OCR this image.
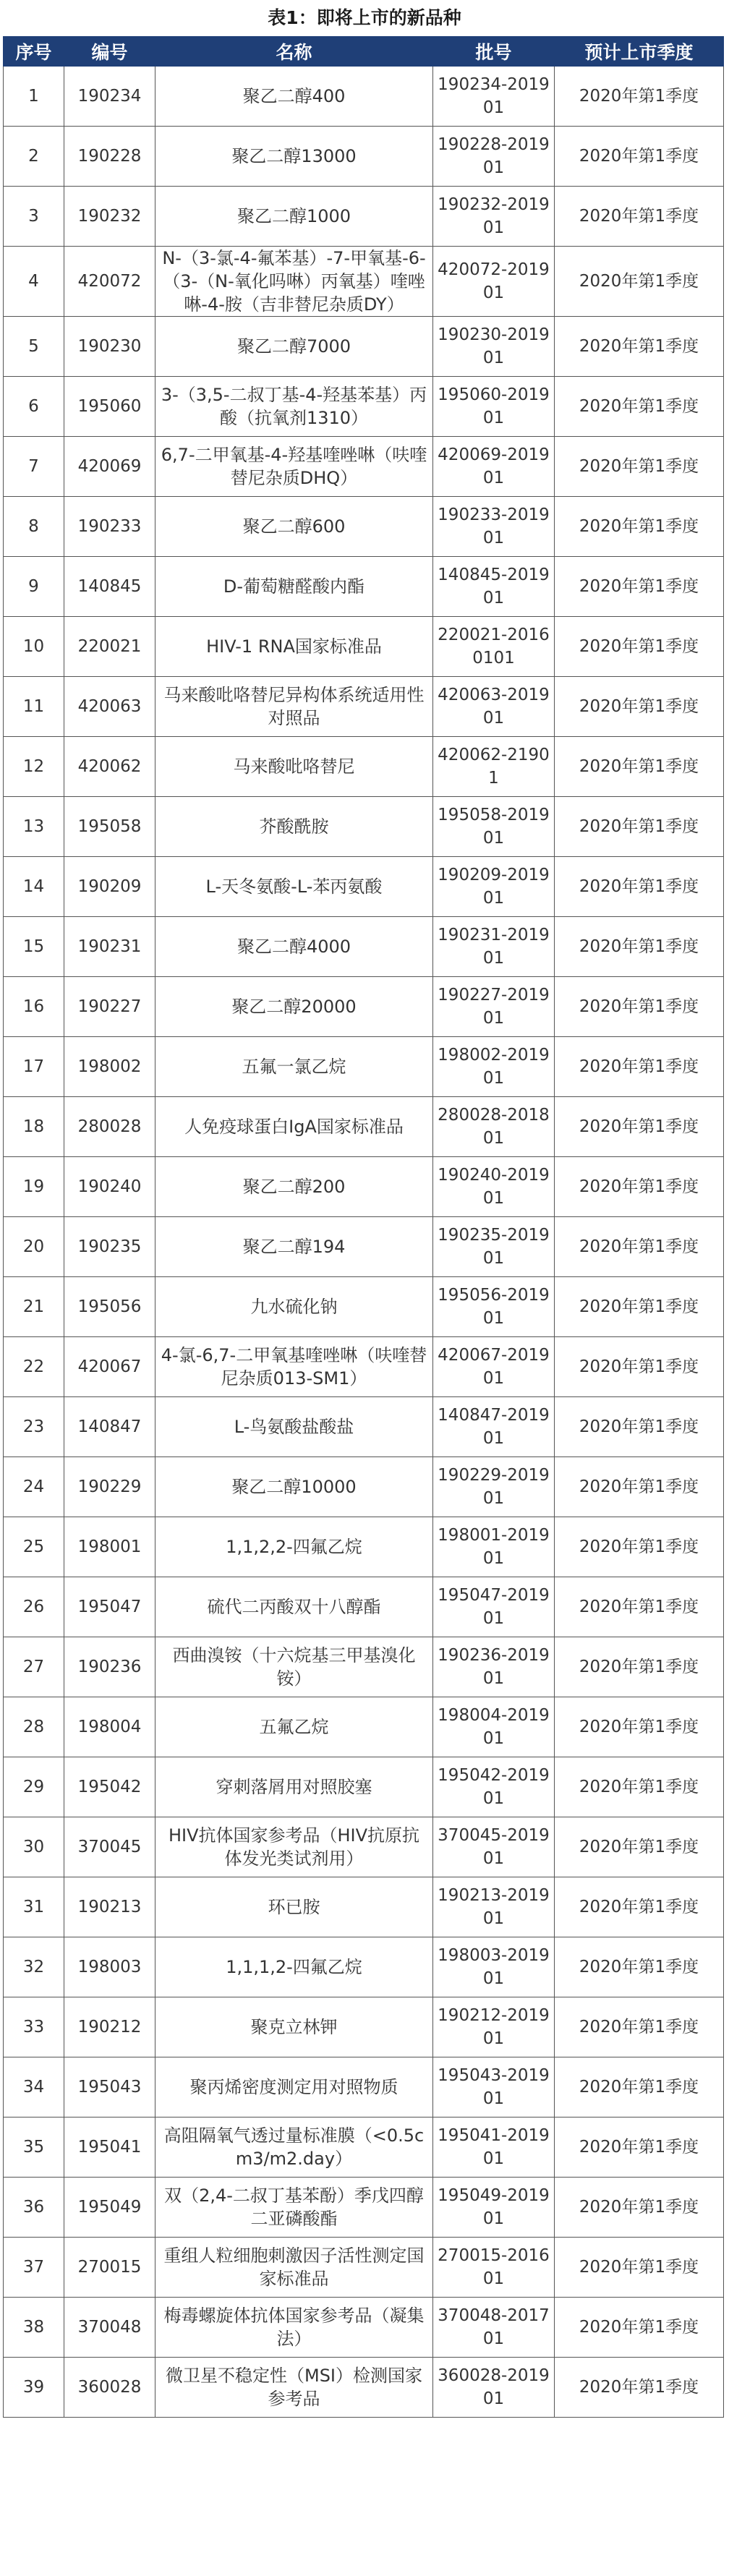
表1：即将上市的新品种
序号	编号	名称	批号	预计上市季度
1	190234	聚乙二醇400	190234-201901	2020年第1季度
2	190228	聚乙二醇13000	190228-201901	2020年第1季度
3	190232	聚乙二醇1000	190232-201901	2020年第1季度
4	420072	N-（3-氯-4-氟苯基）-7-甲氧基-6-（3-（N-氧化吗啉）丙氧基）喹唑啉-4-胺（吉非替尼杂质DY）	420072-201901	2020年第1季度
5	190230	聚乙二醇7000	190230-201901	2020年第1季度
6	195060	3-（3,5-二叔丁基-4-羟基苯基）丙酸（抗氧剂1310）	195060-201901	2020年第1季度
7	420069	6,7-二甲氧基-4-羟基喹唑啉（呋喹替尼杂质DHQ）	420069-201901	2020年第1季度
8	190233	聚乙二醇600	190233-201901	2020年第1季度
9	140845	D-葡萄糖醛酸内酯	140845-201901	2020年第1季度
10	220021	HIV-1 RNA国家标准品	220021-20160101	2020年第1季度
11	420063	马来酸吡咯替尼异构体系统适用性对照品	420063-201901	2020年第1季度
12	420062	马来酸吡咯替尼	420062-21901	2020年第1季度
13	195058	芥酸酰胺	195058-201901	2020年第1季度
14	190209	L-天冬氨酸-L-苯丙氨酸	190209-201901	2020年第1季度
15	190231	聚乙二醇4000	190231-201901	2020年第1季度
16	190227	聚乙二醇20000	190227-201901	2020年第1季度
17	198002	五氟一氯乙烷	198002-201901	2020年第1季度
18	280028	人免疫球蛋白IgA国家标准品	280028-201801	2020年第1季度
19	190240	聚乙二醇200	190240-201901	2020年第1季度
20	190235	聚乙二醇194	190235-201901	2020年第1季度
21	195056	九水硫化钠	195056-201901	2020年第1季度
22	420067	4-氯-6,7-二甲氧基喹唑啉（呋喹替尼杂质013-SM1）	420067-201901	2020年第1季度
23	140847	L-鸟氨酸盐酸盐	140847-201901	2020年第1季度
24	190229	聚乙二醇10000	190229-201901	2020年第1季度
25	198001	1,1,2,2-四氟乙烷	198001-201901	2020年第1季度
26	195047	硫代二丙酸双十八醇酯	195047-201901	2020年第1季度
27	190236	西曲溴铵（十六烷基三甲基溴化铵）	190236-201901	2020年第1季度
28	198004	五氟乙烷	198004-201901	2020年第1季度
29	195042	穿刺落屑用对照胶塞	195042-201901	2020年第1季度
30	370045	HIV抗体国家参考品（HIV抗原抗体发光类试剂用）	370045-201901	2020年第1季度
31	190213	环已胺	190213-201901	2020年第1季度
32	198003	1,1,1,2-四氟乙烷	198003-201901	2020年第1季度
33	190212	聚克立林钾	190212-201901	2020年第1季度
34	195043	聚丙烯密度测定用对照物质	195043-201901	2020年第1季度
35	195041	高阻隔氧气透过量标准膜（<0.5cm3/m2.day）	195041-201901	2020年第1季度
36	195049	双（2,4-二叔丁基苯酚）季戊四醇二亚磷酸酯	195049-201901	2020年第1季度
37	270015	重组人粒细胞刺激因子活性测定国家标准品	270015-201601	2020年第1季度
38	370048	梅毒螺旋体抗体国家参考品（凝集法）	370048-201701	2020年第1季度
39	360028	微卫星不稳定性（MSI）检测国家参考品	360028-201901	2020年第1季度
